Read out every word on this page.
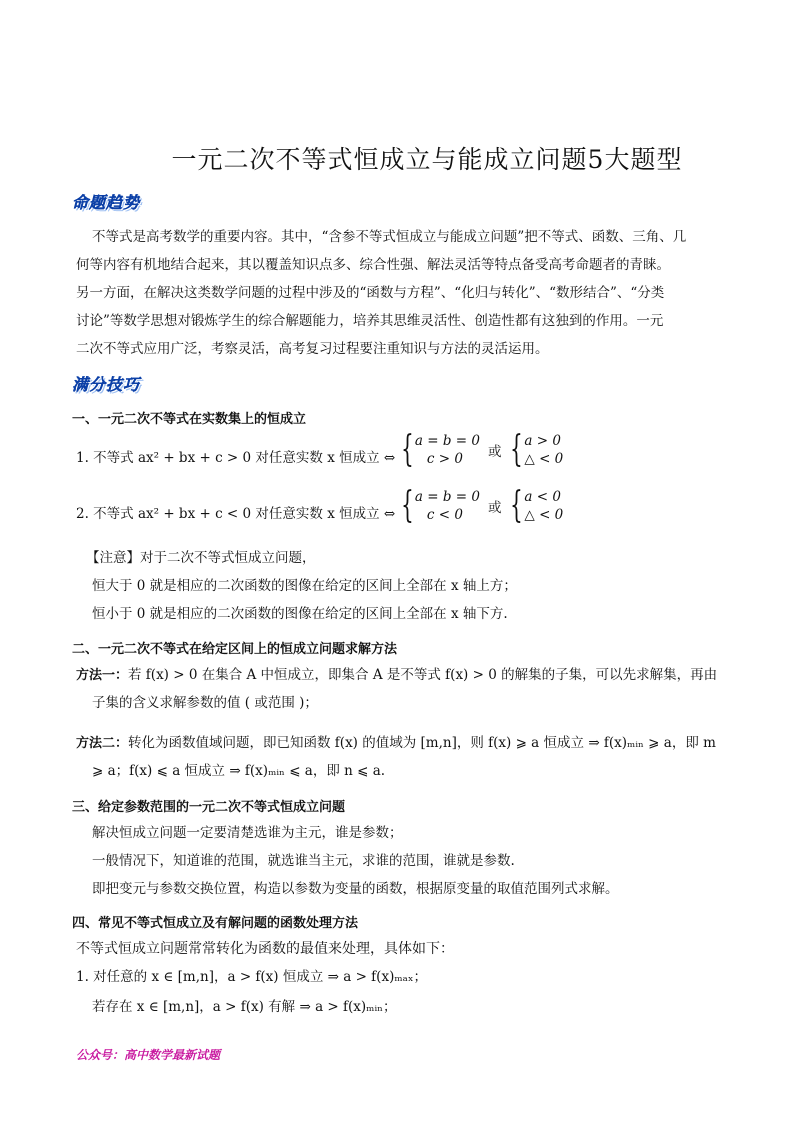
一元二次不等式恒成立与能成立问题5大题型
命题趋势
不等式是高考数学的重要内容。其中，“含参不等式恒成立与能成立问题”把不等式、函数、三角、几
何等内容有机地结合起来，其以覆盖知识点多、综合性强、解法灵活等特点备受高考命题者的青睐。
另一方面，在解决这类数学问题的过程中涉及的“函数与方程”、“化归与转化”、“数形结合”、“分类
讨论”等数学思想对锻炼学生的综合解题能力，培养其思维灵活性、创造性都有这独到的作用。一元
二次不等式应用广泛，考察灵活，高考复习过程要注重知识与方法的灵活运用。
满分技巧
一、一元二次不等式在实数集上的恒成立
1. 不等式 ax² + bx + c > 0 对任意实数 x 恒成立 ⇔ { a = b = 0
c > 0	或 { a > 0
△ < 0
2. 不等式 ax² + bx + c < 0 对任意实数 x 恒成立 ⇔ { a = b = 0
c < 0	或 { a < 0
△ < 0
【注意】对于二次不等式恒成立问题，
恒大于 0 就是相应的二次函数的图像在给定的区间上全部在 x 轴上方；
恒小于 0 就是相应的二次函数的图像在给定的区间上全部在 x 轴下方.
二、一元二次不等式在给定区间上的恒成立问题求解方法
方法一：若 f(x) > 0 在集合 A 中恒成立，即集合 A 是不等式 f(x) > 0 的解集的子集，可以先求解集，再由
子集的含义求解参数的值 ( 或范围 )；
方法二：转化为函数值域问题，即已知函数 f(x) 的值域为 [m,n]，则 f(x) ⩾ a 恒成立 ⇒ f(x)ₘᵢₙ ⩾ a，即 m
⩾ a；f(x) ⩽ a 恒成立 ⇒ f(x)ₘᵢₙ ⩽ a，即 n ⩽ a.
三、给定参数范围的一元二次不等式恒成立问题
解决恒成立问题一定要清楚选谁为主元，谁是参数；
一般情况下，知道谁的范围，就选谁当主元，求谁的范围，谁就是参数.
即把变元与参数交换位置，构造以参数为变量的函数，根据原变量的取值范围列式求解。
四、常见不等式恒成立及有解问题的函数处理方法
不等式恒成立问题常常转化为函数的最值来处理，具体如下：
1. 对任意的 x ∈ [m,n]，a > f(x) 恒成立 ⇒ a > f(x)ₘₐₓ；
若存在 x ∈ [m,n]，a > f(x) 有解 ⇒ a > f(x)ₘᵢₙ；
公众号：高中数学最新试题
